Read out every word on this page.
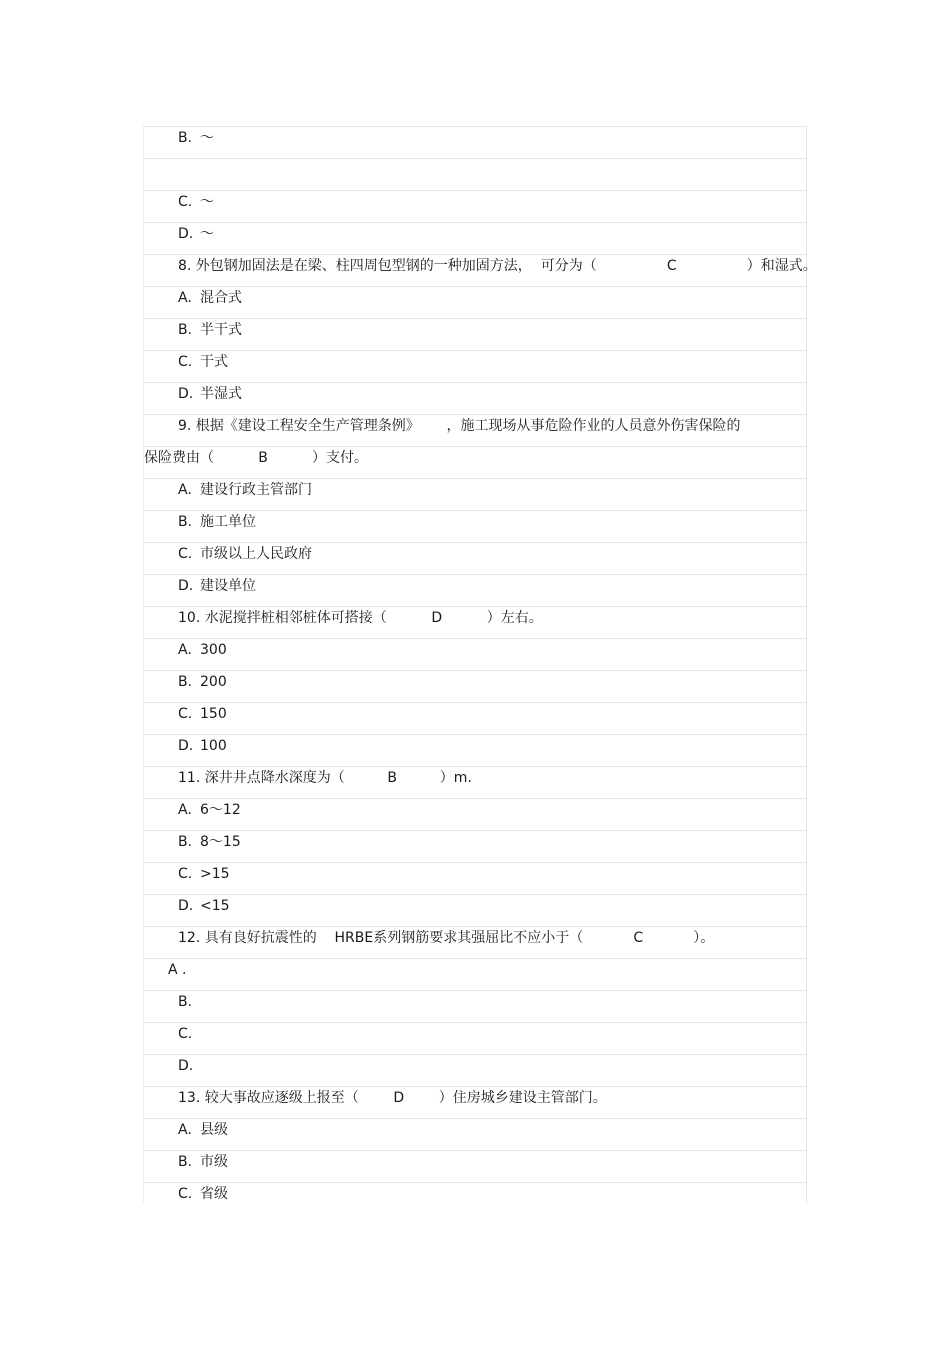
B. ～
C. ～
D. ～
8. 外包钢加固法是在梁、柱四周包型钢的一种加固方法，  可分为（	C	）和湿式。
A. 混合式
B. 半干式
C. 干式
D. 半湿式
9. 根据《建设工程安全生产管理条例》      ，施工现场从事危险作业的人员意外伤害保险的
保险费由（	B	）支付。
A. 建设行政主管部门
B. 施工单位
C. 市级以上人民政府
D. 建设单位
10. 水泥搅拌桩相邻桩体可搭接（	D	）左右。
A. 300
B. 200
C. 150
D. 100
11. 深井井点降水深度为（	B	）m.
A. 6～12
B. 8～15
C. >15
D. <15
12. 具有良好抗震性的    HRBE系列钢筋要求其强屈比不应小于（	C	）。
A .
B.
C.
D.
13. 较大事故应逐级上报至（ D ）住房城乡建设主管部门。
A. 县级
B. 市级
C. 省级
